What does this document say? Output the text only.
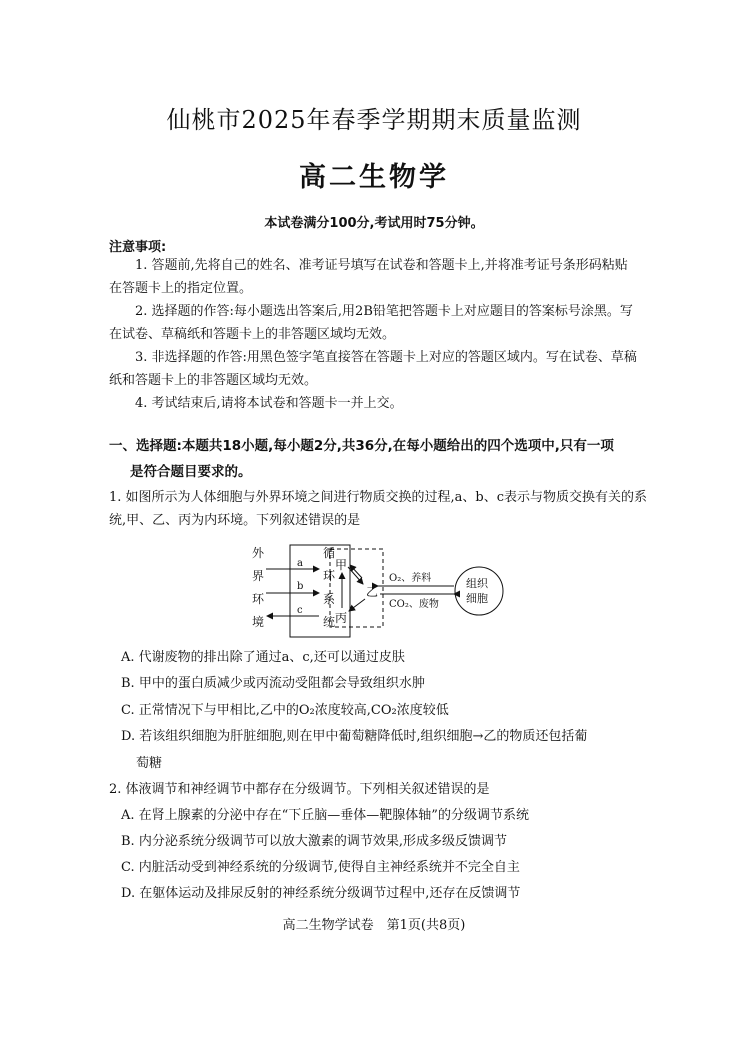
仙桃市2025年春季学期期末质量监测
高二生物学
本试卷满分100分,考试用时75分钟。
注意事项:
1. 答题前,先将自己的姓名、准考证号填写在试卷和答题卡上,并将准考证号条形码粘贴在答题卡上的指定位置。
2. 选择题的作答:每小题选出答案后,用2B铅笔把答题卡上对应题目的答案标号涂黑。写在试卷、草稿纸和答题卡上的非答题区域均无效。
3. 非选择题的作答:用黑色签字笔直接答在答题卡上对应的答题区域内。写在试卷、草稿纸和答题卡上的非答题区域均无效。
4. 考试结束后,请将本试卷和答题卡一并上交。
一、选择题:本题共18小题,每小题2分,共36分,在每小题给出的四个选项中,只有一项
是符合题目要求的。
1. 如图所示为人体细胞与外界环境之间进行物质交换的过程,a、b、c表示与物质交换有关的系统,甲、乙、丙为内环境。下列叙述错误的是
外
界
环
境
循
环
系
统
a
b
c
甲
丙
乙
O₂、养料
CO₂、废物
组织
细胞
A. 代谢废物的排出除了通过a、c,还可以通过皮肤
B. 甲中的蛋白质减少或丙流动受阻都会导致组织水肿
C. 正常情况下与甲相比,乙中的O₂浓度较高,CO₂浓度较低
D. 若该组织细胞为肝脏细胞,则在甲中葡萄糖降低时,组织细胞→乙的物质还包括葡
萄糖
2. 体液调节和神经调节中都存在分级调节。下列相关叙述错误的是
A. 在肾上腺素的分泌中存在“下丘脑—垂体—靶腺体轴”的分级调节系统
B. 内分泌系统分级调节可以放大激素的调节效果,形成多级反馈调节
C. 内脏活动受到神经系统的分级调节,使得自主神经系统并不完全自主
D. 在躯体运动及排尿反射的神经系统分级调节过程中,还存在反馈调节
高二生物学试卷　第1页(共8页)
